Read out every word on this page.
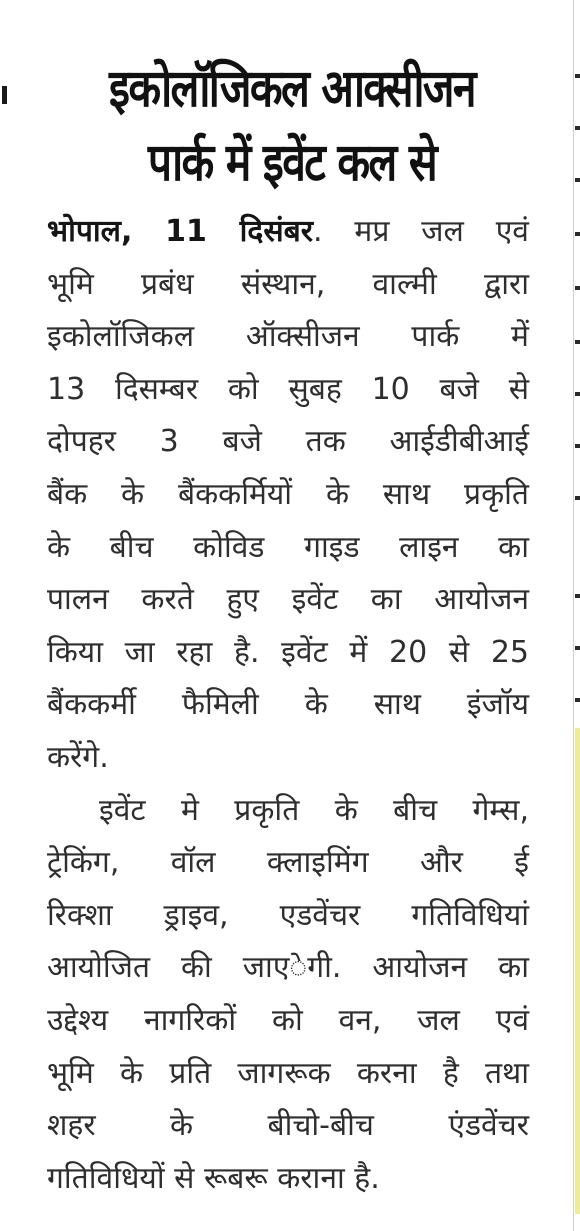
इकोलॉजिकल आक्सीजन
पार्क में इवेंट कल से
भोपाल, 11 दिसंबर. मप्र जल एवं
भूमि प्रबंध संस्थान, वाल्मी द्वारा
इकोलॉजिकल ऑक्सीजन पार्क में
13 दिसम्बर को सुबह 10 बजे से
दोपहर 3 बजे तक आईडीबीआई
बैंक के बैंककर्मियों के साथ प्रकृति
के बीच कोविड गाइड लाइन का
पालन करते हुए इवेंट का आयोजन
किया जा रहा है. इवेंट में 20 से 25
बैंककर्मी फैमिली के साथ इंजॉय
करेंगे.
इवेंट मे प्रकृति के बीच गेम्स,
ट्रेकिंग, वॉल क्लाइमिंग और ई
रिक्शा ड्राइव, एडवेंचर गतिविधियां
आयोजित की जाएेगी. आयोजन का
उद्देश्य नागरिकों को वन, जल एवं
भूमि के प्रति जागरूक करना है तथा
शहर के बीचो-बीच एंडवेंचर
गतिविधियों से रूबरू कराना है.
